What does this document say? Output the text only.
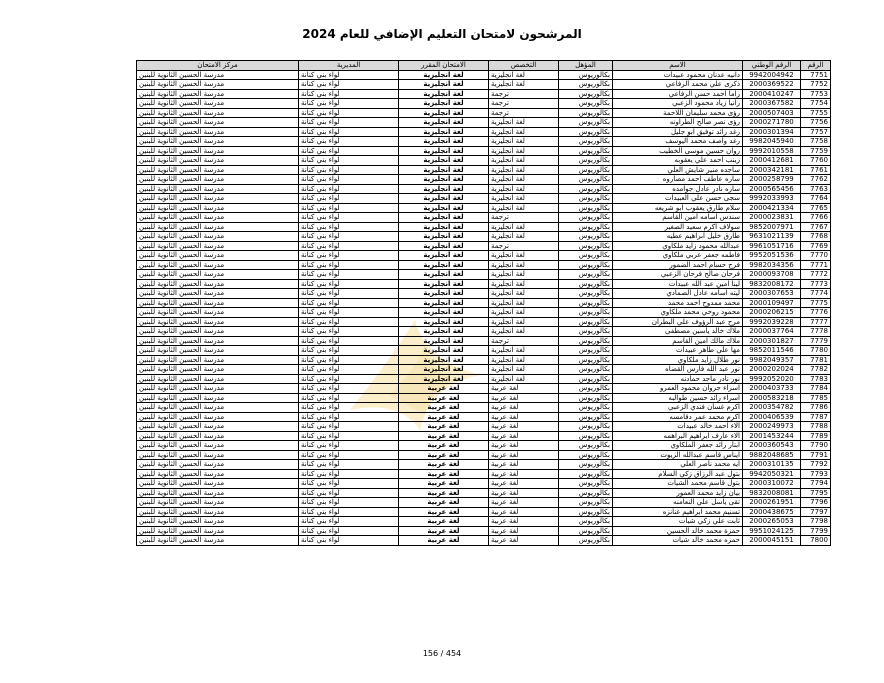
المرشحون لامتحان التعليم الإضافي للعام 2024
الرقم	الرقم الوطني	الاسم	المؤهل	التخصص	الامتحان المقرر	المديرية	مركز الامتحان
7751	9942004942	دانيه عدنان محمود عبيدات	بكالوريوس	لغة انجليزية	لغة انجليزية	لواء بني كنانة	مدرسة الحسين الثانوية للبنين
7752	2000369522	ذكرى علي محمد الرفاعي	بكالوريوس	لغة انجليزية	لغة انجليزية	لواء بني كنانة	مدرسة الحسين الثانوية للبنين
7753	2000410247	راما احمد حسن الرفاعي	بكالوريوس	ترجمة	لغة انجليزية	لواء بني كنانة	مدرسة الحسين الثانوية للبنين
7754	2000367582	رانيا زياد محمود الزعبي	بكالوريوس	ترجمة	لغة انجليزية	لواء بني كنانة	مدرسة الحسين الثانوية للبنين
7755	2000507403	رؤى محمد سليمان اللاحمة	بكالوريوس	ترجمة	لغة انجليزية	لواء بني كنانة	مدرسة الحسين الثانوية للبنين
7756	2000271780	رؤى نصر صالح الطراونه	بكالوريوس	لغة انجليزية	لغة انجليزية	لواء بني كنانة	مدرسة الحسين الثانوية للبنين
7757	2000301394	رغد رائد توفيق ابو جليل	بكالوريوس	لغة انجليزية	لغة انجليزية	لواء بني كنانة	مدرسة الحسين الثانوية للبنين
7758	9982045940	رغد واصف محمد اليوسف	بكالوريوس	لغة انجليزية	لغة انجليزية	لواء بني كنانة	مدرسة الحسين الثانوية للبنين
7759	9992010558	روان حسين موسى الخطيب	بكالوريوس	لغة انجليزية	لغة انجليزية	لواء بني كنانة	مدرسة الحسين الثانوية للبنين
7760	2000412681	زينب احمد علي يعقوبه	بكالوريوس	لغة انجليزية	لغة انجليزية	لواء بني كنانة	مدرسة الحسين الثانوية للبنين
7761	2000342181	ساجده منير شايش العلي	بكالوريوس	لغة انجليزية	لغة انجليزية	لواء بني كنانة	مدرسة الحسين الثانوية للبنين
7762	2000258799	ساره عاطف احمد مصاروه	بكالوريوس	لغة انجليزية	لغة انجليزية	لواء بني كنانة	مدرسة الحسين الثانوية للبنين
7763	2000565456	ساره نادر عادل جوامده	بكالوريوس	لغة انجليزية	لغة انجليزية	لواء بني كنانة	مدرسة الحسين الثانوية للبنين
7764	9992033993	سجى حسن علي العبيدات	بكالوريوس	لغة انجليزية	لغة انجليزية	لواء بني كنانة	مدرسة الحسين الثانوية للبنين
7765	2000421334	سلام طارق يعقوب ابو شريعه	بكالوريوس	لغة انجليزية	لغة انجليزية	لواء بني كنانة	مدرسة الحسين الثانوية للبنين
7766	2000023831	سندس اسامه امين القاسم	بكالوريوس	ترجمة	لغة انجليزية	لواء بني كنانة	مدرسة الحسين الثانوية للبنين
7767	9852007971	سولاف اكرم سعيد الصغير	بكالوريوس	لغة انجليزية	لغة انجليزية	لواء بني كنانة	مدرسة الحسين الثانوية للبنين
7768	9631021139	طارق خليل ابراهيم عطيه	بكالوريوس	لغة انجليزية	لغة انجليزية	لواء بني كنانة	مدرسة الحسين الثانوية للبنين
7769	9961051716	عبدالله محمود زايد ملكاوي	بكالوريوس	ترجمة	لغة انجليزية	لواء بني كنانة	مدرسة الحسين الثانوية للبنين
7770	9952051536	فاطمه جعفر عربي ملكاوي	بكالوريوس	لغة انجليزية	لغة انجليزية	لواء بني كنانة	مدرسة الحسين الثانوية للبنين
7771	9982034356	فرح حسام احمد الضمور	بكالوريوس	لغة انجليزية	لغة انجليزية	لواء بني كنانة	مدرسة الحسين الثانوية للبنين
7772	2000093708	فرحان صالح فرحان الزعبي	بكالوريوس	لغة انجليزية	لغة انجليزية	لواء بني كنانة	مدرسة الحسين الثانوية للبنين
7773	9832008172	لينا امين عبد الله عبيدات	بكالوريوس	لغة انجليزية	لغة انجليزية	لواء بني كنانة	مدرسة الحسين الثانوية للبنين
7774	2000307653	ليته اسامه عادل الصمادي	بكالوريوس	لغة انجليزية	لغة انجليزية	لواء بني كنانة	مدرسة الحسين الثانوية للبنين
7775	2000109497	محمد ممدوح احمد محمد	بكالوريوس	لغة انجليزية	لغة انجليزية	لواء بني كنانة	مدرسة الحسين الثانوية للبنين
7776	2000206215	محمود روحي محمد ملكاوي	بكالوريوس	لغة انجليزية	لغة انجليزية	لواء بني كنانة	مدرسة الحسين الثانوية للبنين
7777	9992039228	مرح عبد الرؤوف علي البطران	بكالوريوس	لغة انجليزية	لغة انجليزية	لواء بني كنانة	مدرسة الحسين الثانوية للبنين
7778	2000037764	ملاك خالد ياسين مصطفى	بكالوريوس	لغة انجليزية	لغة انجليزية	لواء بني كنانة	مدرسة الحسين الثانوية للبنين
7779	2000301827	ملاك مالك امين القاسم	بكالوريوس	ترجمة	لغة انجليزية	لواء بني كنانة	مدرسة الحسين الثانوية للبنين
7780	9852011546	مها علي طاهر عبيدات	بكالوريوس	لغة انجليزية	لغة انجليزية	لواء بني كنانة	مدرسة الحسين الثانوية للبنين
7781	9982049357	نور طلال زايد ملكاوي	بكالوريوس	لغة انجليزية	لغة انجليزية	لواء بني كنانة	مدرسة الحسين الثانوية للبنين
7782	2000202024	نور عبد الله فارس القضاه	بكالوريوس	لغة انجليزية	لغة انجليزية	لواء بني كنانة	مدرسة الحسين الثانوية للبنين
7783	9992052020	نور نادر ماجد حمادنه	بكالوريوس	لغة انجليزية	لغة انجليزية	لواء بني كنانة	مدرسة الحسين الثانوية للبنين
7784	2000403733	اسراء جروان محمود العمرو	بكالوريوس	لغة عربية	لغة عربية	لواء بني كنانة	مدرسة الحسين الثانوية للبنين
7785	2000583218	اسراء رائد حسين طوالبه	بكالوريوس	لغة عربية	لغة عربية	لواء بني كنانة	مدرسة الحسين الثانوية للبنين
7786	2000354782	اكرم غسان فندي الزعبي	بكالوريوس	لغة عربية	لغة عربية	لواء بني كنانة	مدرسة الحسين الثانوية للبنين
7787	2000406539	اكرم محمد عمر دقامسه	بكالوريوس	لغة عربية	لغة عربية	لواء بني كنانة	مدرسة الحسين الثانوية للبنين
7788	2000249973	الاء احمد خالد عبيدات	بكالوريوس	لغة عربية	لغة عربية	لواء بني كنانة	مدرسة الحسين الثانوية للبنين
7789	2001453244	الاء عارف ابراهيم البراهمه	بكالوريوس	لغة عربية	لغة عربية	لواء بني كنانة	مدرسة الحسين الثانوية للبنين
7790	2000360543	ابتار رائد جعفر الملكاوي	بكالوريوس	لغة عربية	لغة عربية	لواء بني كنانة	مدرسة الحسين الثانوية للبنين
7791	9882048685	ايناس قاسم عبدالله الزيوت	بكالوريوس	لغة عربية	لغة عربية	لواء بني كنانة	مدرسة الحسين الثانوية للبنين
7792	2000310135	ايه محمد ناصر العلي	بكالوريوس	لغة عربية	لغة عربية	لواء بني كنانة	مدرسة الحسين الثانوية للبنين
7793	9942050321	بتول عبد الرزاق زكي السلام	بكالوريوس	لغة عربية	لغة عربية	لواء بني كنانة	مدرسة الحسين الثانوية للبنين
7794	2000310072	بتول قاسم محمد الشيات	بكالوريوس	لغة عربية	لغة عربية	لواء بني كنانة	مدرسة الحسين الثانوية للبنين
7795	9832008081	بيان زايد محمد العمور	بكالوريوس	لغة عربية	لغة عربية	لواء بني كنانة	مدرسة الحسين الثانوية للبنين
7796	2000261951	تقى ياسل علي النعامنه	بكالوريوس	لغة عربية	لغة عربية	لواء بني كنانة	مدرسة الحسين الثانوية للبنين
7797	2000438675	تسنيم محمد ابراهيم غنانزه	بكالوريوس	لغة عربية	لغة عربية	لواء بني كنانة	مدرسة الحسين الثانوية للبنين
7798	2000265053	ثابت علي زكي شيات	بكالوريوس	لغة عربية	لغة عربية	لواء بني كنانة	مدرسة الحسين الثانوية للبنين
7799	9951024125	حمزة محمد خالد الحسين	بكالوريوس	لغة عربية	لغة عربية	لواء بني كنانة	مدرسة الحسين الثانوية للبنين
7800	2000045151	حمزه محمد خالد شيات	بكالوريوس	لغة عربية	لغة عربية	لواء بني كنانة	مدرسة الحسين الثانوية للبنين
156 / 454
